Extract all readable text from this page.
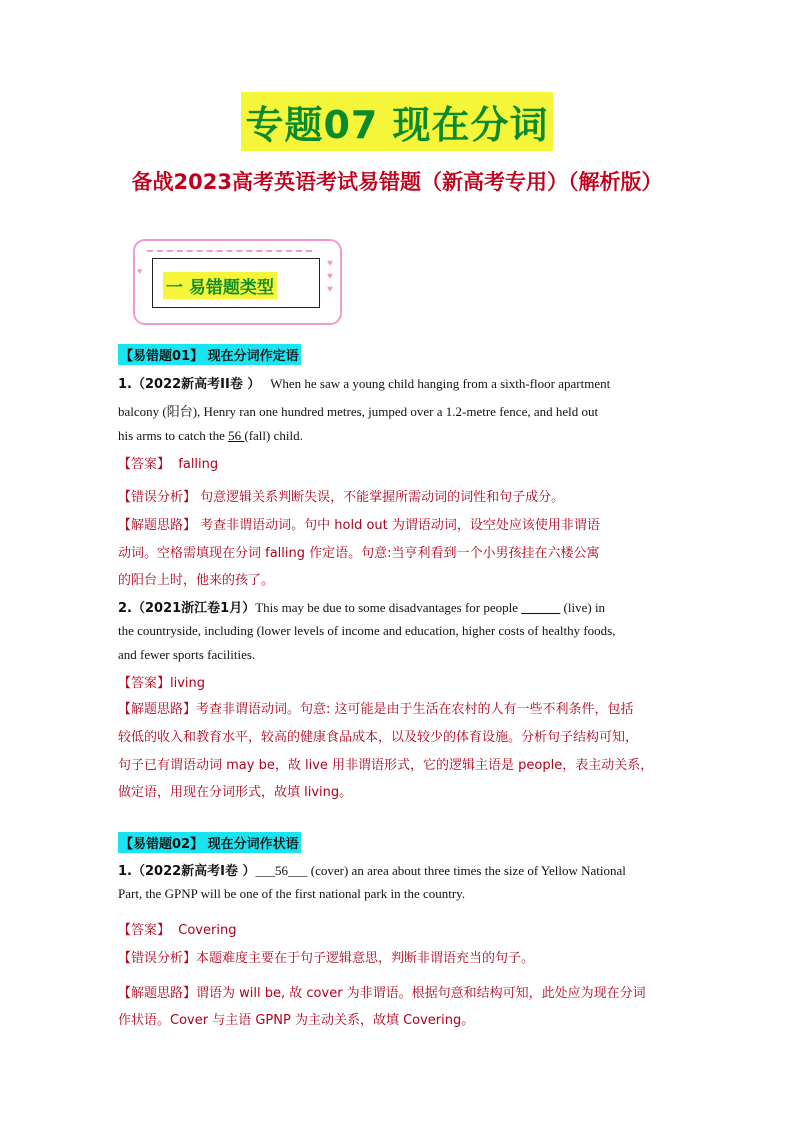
专题07 现在分词
备战2023高考英语考试易错题（新高考专用）（解析版）
♥
一 易错题类型
♥
♥
♥
【易错题01】 现在分词作定语
1.（2022新高考II卷 ） When he saw a young child hanging from a sixth-floor apartment
balcony (阳台), Henry ran one hundred metres, jumped over a 1.2-metre fence, and held out
his arms to catch the 56 (fall) child.
【答案】 falling
【错误分析】 句意逻辑关系判断失误，不能掌握所需动词的词性和句子成分。
【解题思路】 考查非谓语动词。句中 hold out 为谓语动词，设空处应该使用非谓语
动词。空格需填现在分词 falling 作定语。句意:当亨利看到一个小男孩挂在六楼公寓
的阳台上时，他来的孩了。
2.（2021浙江卷1月）This may be due to some disadvantages for people ______ (live) in
the countryside, including (lower levels of income and education, higher costs of healthy foods,
and fewer sports facilities.
【答案】living
【解题思路】考查非谓语动词。句意: 这可能是由于生活在农村的人有一些不利条件，包括
较低的收入和教育水平，较高的健康食品成本，以及较少的体育设施。分析句子结构可知，
句子已有谓语动词 may be，故 live 用非谓语形式，它的逻辑主语是 people，表主动关系，
做定语，用现在分词形式，故填 living。
【易错题02】 现在分词作状语
1.（2022新高考I卷 ）___56___ (cover) an area about three times the size of Yellow National
Part, the GPNP will be one of the first national park in the country.
【答案】 Covering
【错误分析】本题难度主要在于句子逻辑意思，判断非谓语充当的句子。
【解题思路】谓语为 will be, 故 cover 为非谓语。根据句意和结构可知，此处应为现在分词
作状语。Cover 与主语 GPNP 为主动关系，故填 Covering。
